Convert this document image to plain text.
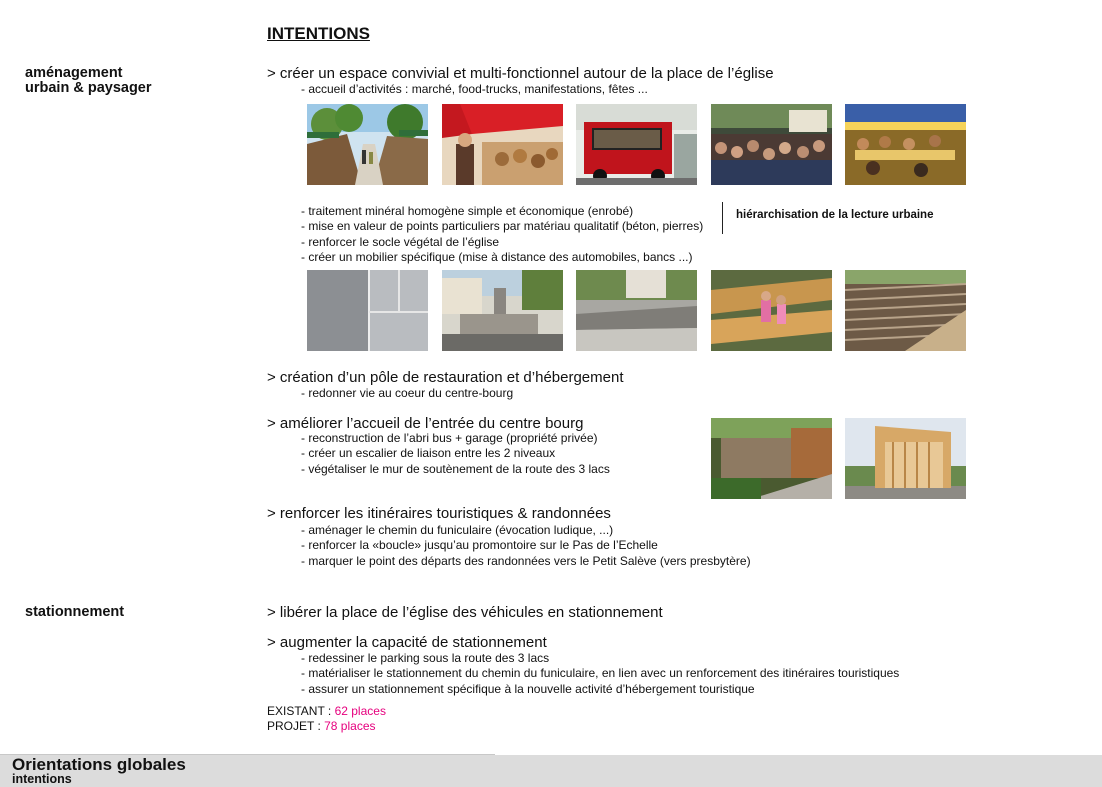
INTENTIONS
aménagement
urbain & paysager
stationnement
> créer un espace convivial et multi-fonctionnel autour de la place de l’église
- accueil d’activités : marché, food-trucks, manifestations, fêtes ...
- traitement minéral homogène simple et économique (enrobé)
- mise en valeur de points particuliers par matériau qualitatif (béton, pierres)
- renforcer le socle végétal de l’église
- créer un mobilier spécifique (mise à distance des automobiles, bancs ...)
hiérarchisation de la lecture urbaine
> création d’un pôle de restauration et d’hébergement
- redonner vie au coeur du centre-bourg
> améliorer l’accueil de l’entrée du centre bourg
- reconstruction de l’abri bus + garage (propriété privée)
- créer un escalier de liaison entre les 2 niveaux
- végétaliser le mur de soutènement de la route des 3 lacs
> renforcer les itinéraires touristiques & randonnées
- aménager le chemin du funiculaire (évocation ludique, ...)
- renforcer la «boucle» jusqu’au promontoire sur le Pas de l’Echelle
- marquer le point des départs des randonnées vers le Petit Salève (vers presbytère)
> libérer la place de l’église des véhicules en stationnement
> augmenter la capacité de stationnement
- redessiner le parking sous la route des 3 lacs
- matérialiser le stationnement du chemin du funiculaire, en lien avec un renforcement des itinéraires touristiques
- assurer un stationnement spécifique à la nouvelle activité d’hébergement touristique
EXISTANT : 62 places
PROJET : 78 places
Orientations globales
intentions
